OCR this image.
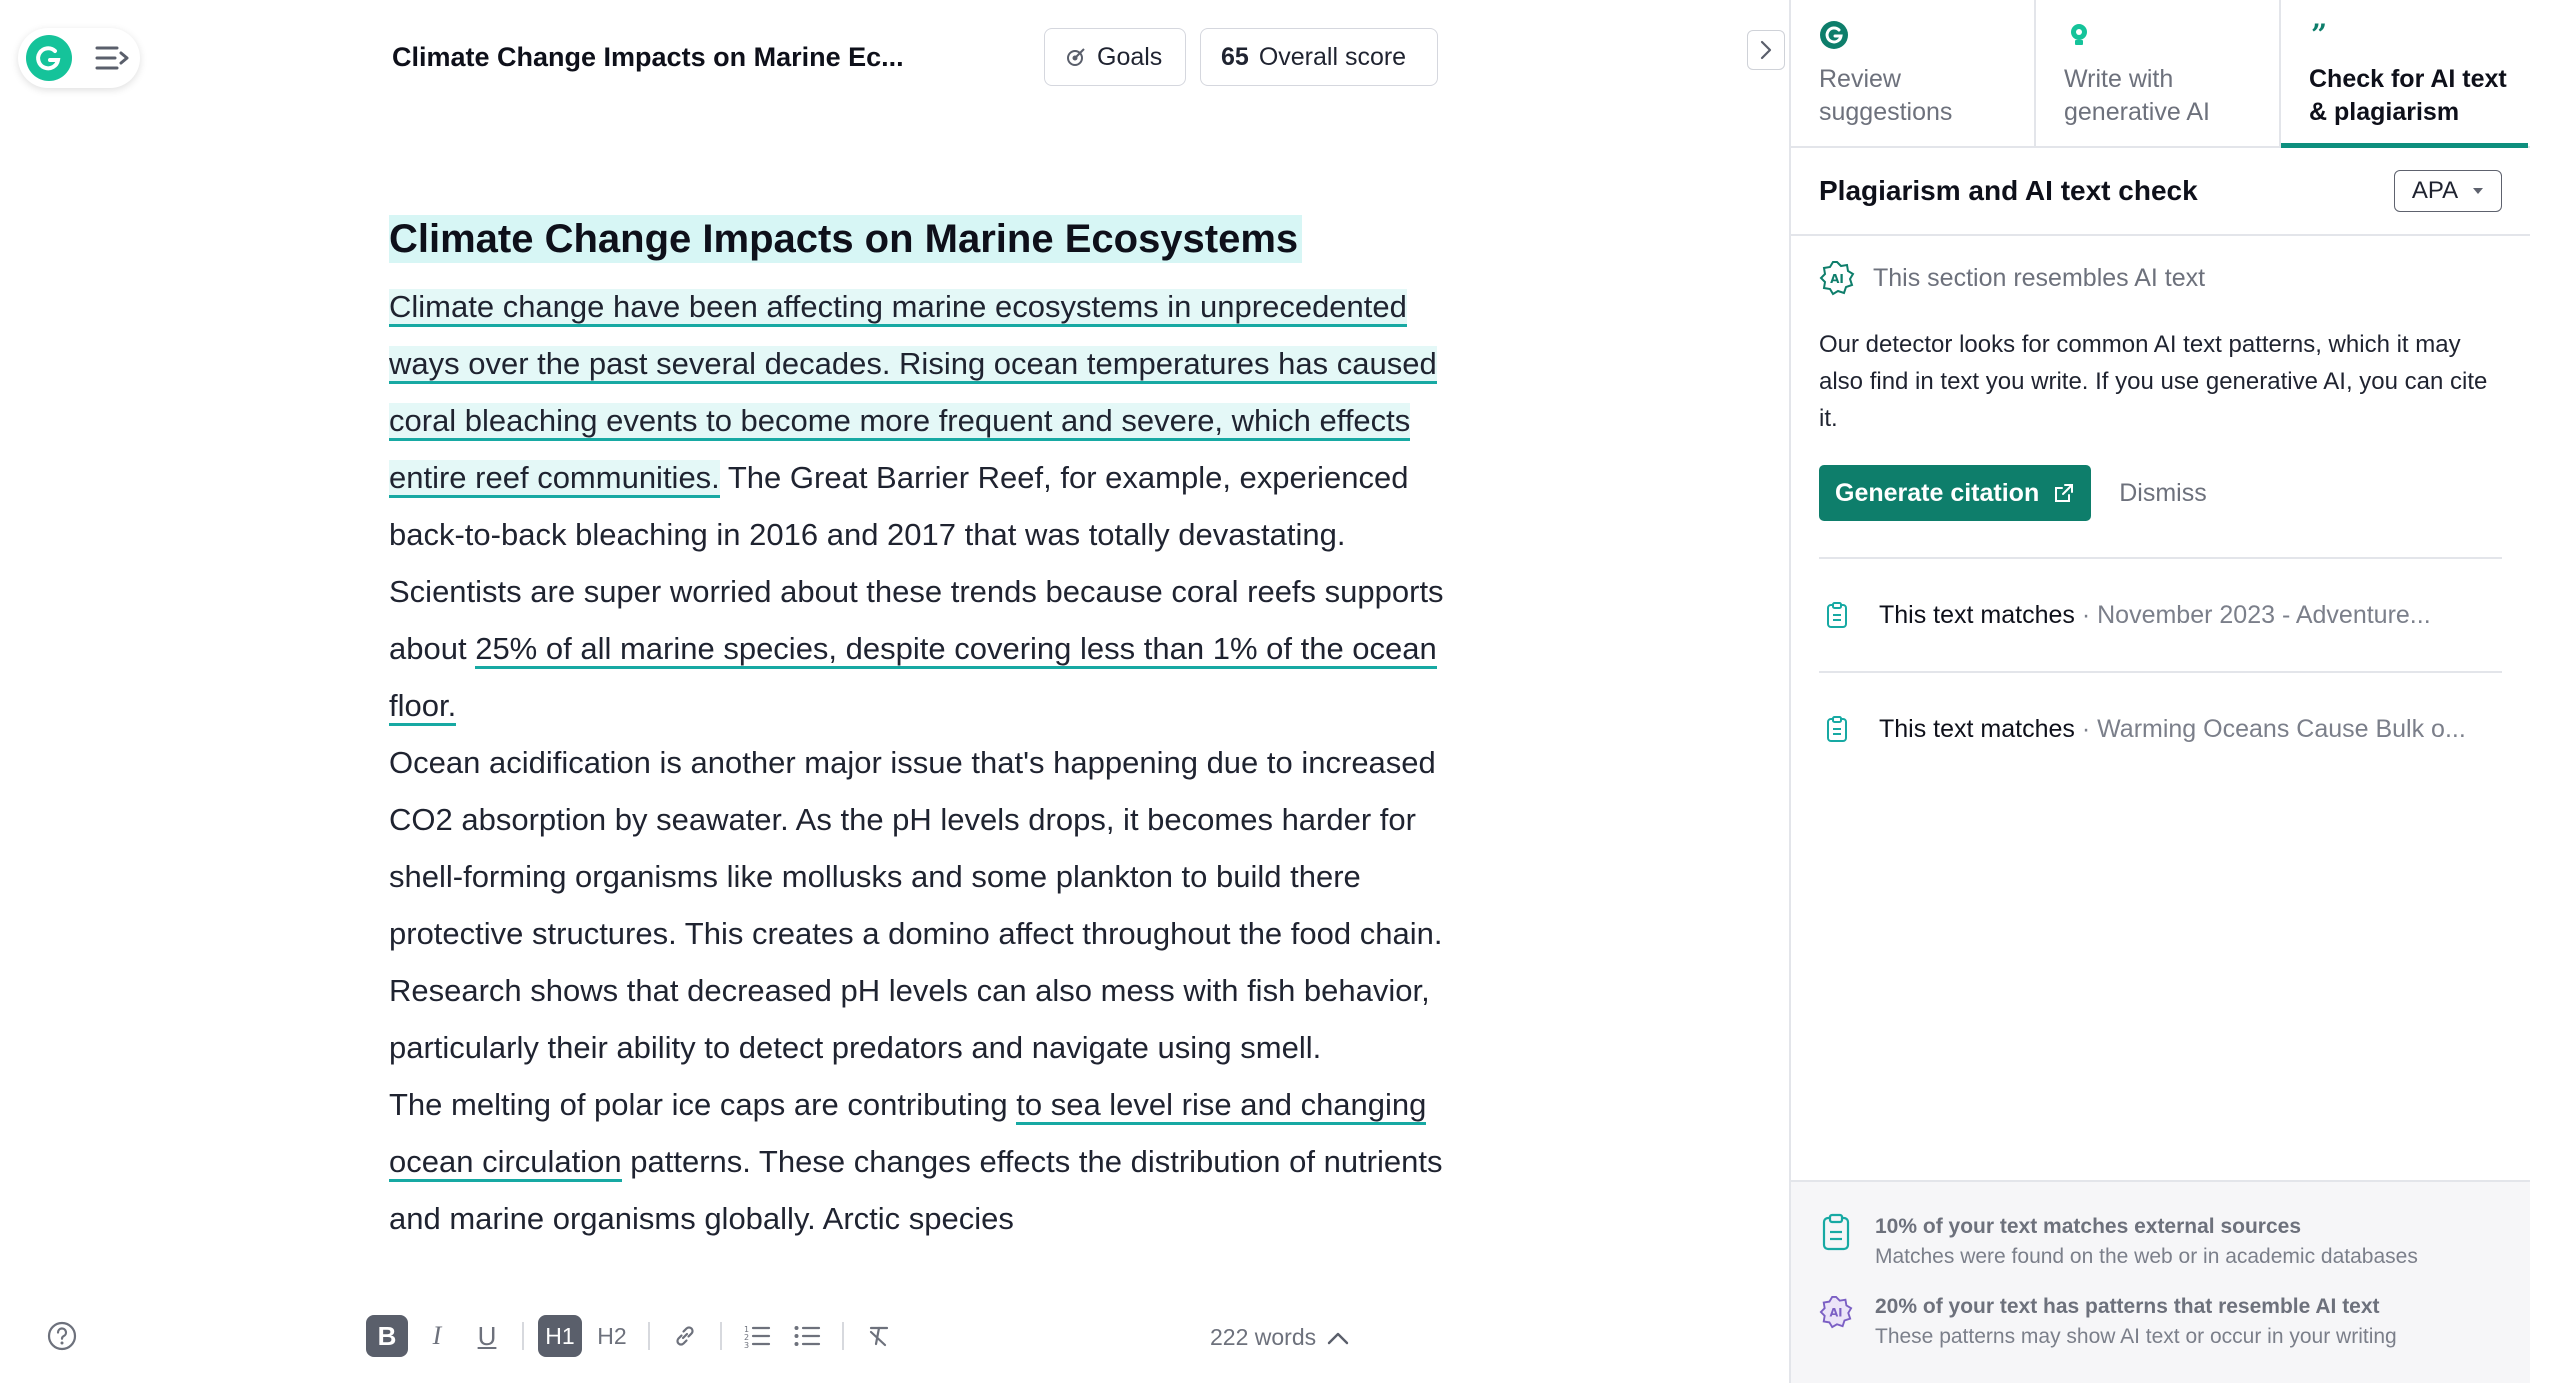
Climate Change Impacts on Marine Ec...	Goals 65 Overall score
Climate Change Impacts on Marine Ecosystems

Climate change have been affecting marine ecosystems in unprecedented ways over the past several decades. Rising ocean temperatures has caused coral bleaching events to become more frequent and severe, which effects entire reef communities. The Great Barrier Reef, for example, experienced back-to-back bleaching in 2016 and 2017 that was totally devastating. Scientists are super worried about these trends because coral reefs supports about 25% of all marine species, despite covering less than 1% of the ocean floor.

Ocean acidification is another major issue that's happening due to increased CO2 absorption by seawater. As the pH levels drops, it becomes harder for shell-forming organisms like mollusks and some plankton to build there protective structures. This creates a domino affect throughout the food chain. Research shows that decreased pH levels can also mess with fish behavior, particularly their ability to detect predators and navigate using smell.

The melting of polar ice caps are contributing to sea level rise and changing ocean circulation patterns. These changes effects the distribution of nutrients and marine organisms globally. Arctic species

B	I	U	H1 H2	1
2
3	222 words
Review suggestions
Write with generative AI
”
Check for AI text & plagiarism
Plagiarism and AI text check	APA
AI This section resembles AI text
Our detector looks for common AI text patterns, which it may also find in text you write. If you use generative AI, you can cite it.
Generate citation	Dismiss
This text matches · November 2023 - Adventure...
This text matches · Warming Oceans Cause Bulk o...
10% of your text matches external sources
Matches were found on the web or in academic databases
AI 20% of your text has patterns that resemble AI text
These patterns may show AI text or occur in your writing
